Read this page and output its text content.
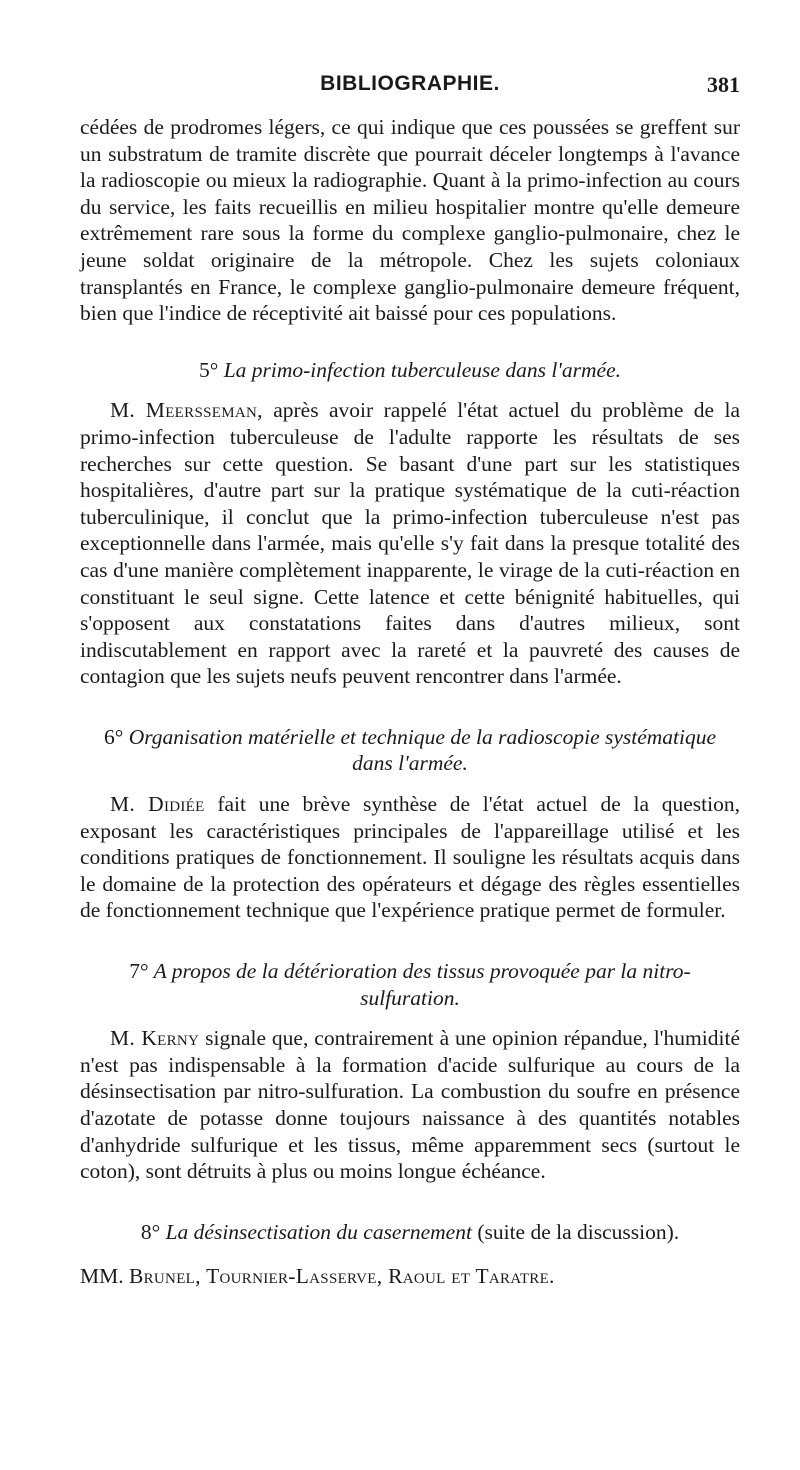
BIBLIOGRAPHIE.	381

cédées de prodromes légers, ce qui indique que ces poussées se greffent sur un substratum de tramite discrète que pourrait déceler longtemps à l'avance la radioscopie ou mieux la radiographie. Quant à la primo-infection au cours du service, les faits recueillis en milieu hospitalier montre qu'elle demeure extrêmement rare sous la forme du complexe ganglio-pulmonaire, chez le jeune soldat originaire de la métropole. Chez les sujets coloniaux transplantés en France, le complexe ganglio-pulmonaire demeure fréquent, bien que l'indice de réceptivité ait baissé pour ces populations.

5° La primo-infection tuberculeuse dans l'armée.

M. Meersseman, après avoir rappelé l'état actuel du problème de la primo-infection tuberculeuse de l'adulte rapporte les résultats de ses recherches sur cette question. Se basant d'une part sur les statistiques hospitalières, d'autre part sur la pratique systématique de la cuti-réaction tuberculinique, il conclut que la primo-infection tuberculeuse n'est pas exceptionnelle dans l'armée, mais qu'elle s'y fait dans la presque totalité des cas d'une manière complètement inapparente, le virage de la cuti-réaction en constituant le seul signe. Cette latence et cette bénignité habituelles, qui s'opposent aux constatations faites dans d'autres milieux, sont indiscutablement en rapport avec la rareté et la pauvreté des causes de contagion que les sujets neufs peuvent rencontrer dans l'armée.

6° Organisation matérielle et technique de la radioscopie systématique
dans l'armée.

M. Didiée fait une brève synthèse de l'état actuel de la question, exposant les caractéristiques principales de l'appareillage utilisé et les conditions pratiques de fonctionnement. Il souligne les résultats acquis dans le domaine de la protection des opérateurs et dégage des règles essentielles de fonctionnement technique que l'expérience pratique permet de formuler.

7° A propos de la détérioration des tissus provoquée par la nitro-sulfuration.

M. Kerny signale que, contrairement à une opinion répandue, l'humidité n'est pas indispensable à la formation d'acide sulfurique au cours de la désinsectisation par nitro-sulfuration. La combustion du soufre en présence d'azotate de potasse donne toujours naissance à des quantités notables d'anhydride sulfurique et les tissus, même apparemment secs (surtout le coton), sont détruits à plus ou moins longue échéance.

8° La désinsectisation du casernement (suite de la discussion).

MM. Brunel, Tournier-Lasserve, Raoul et Taratre.
